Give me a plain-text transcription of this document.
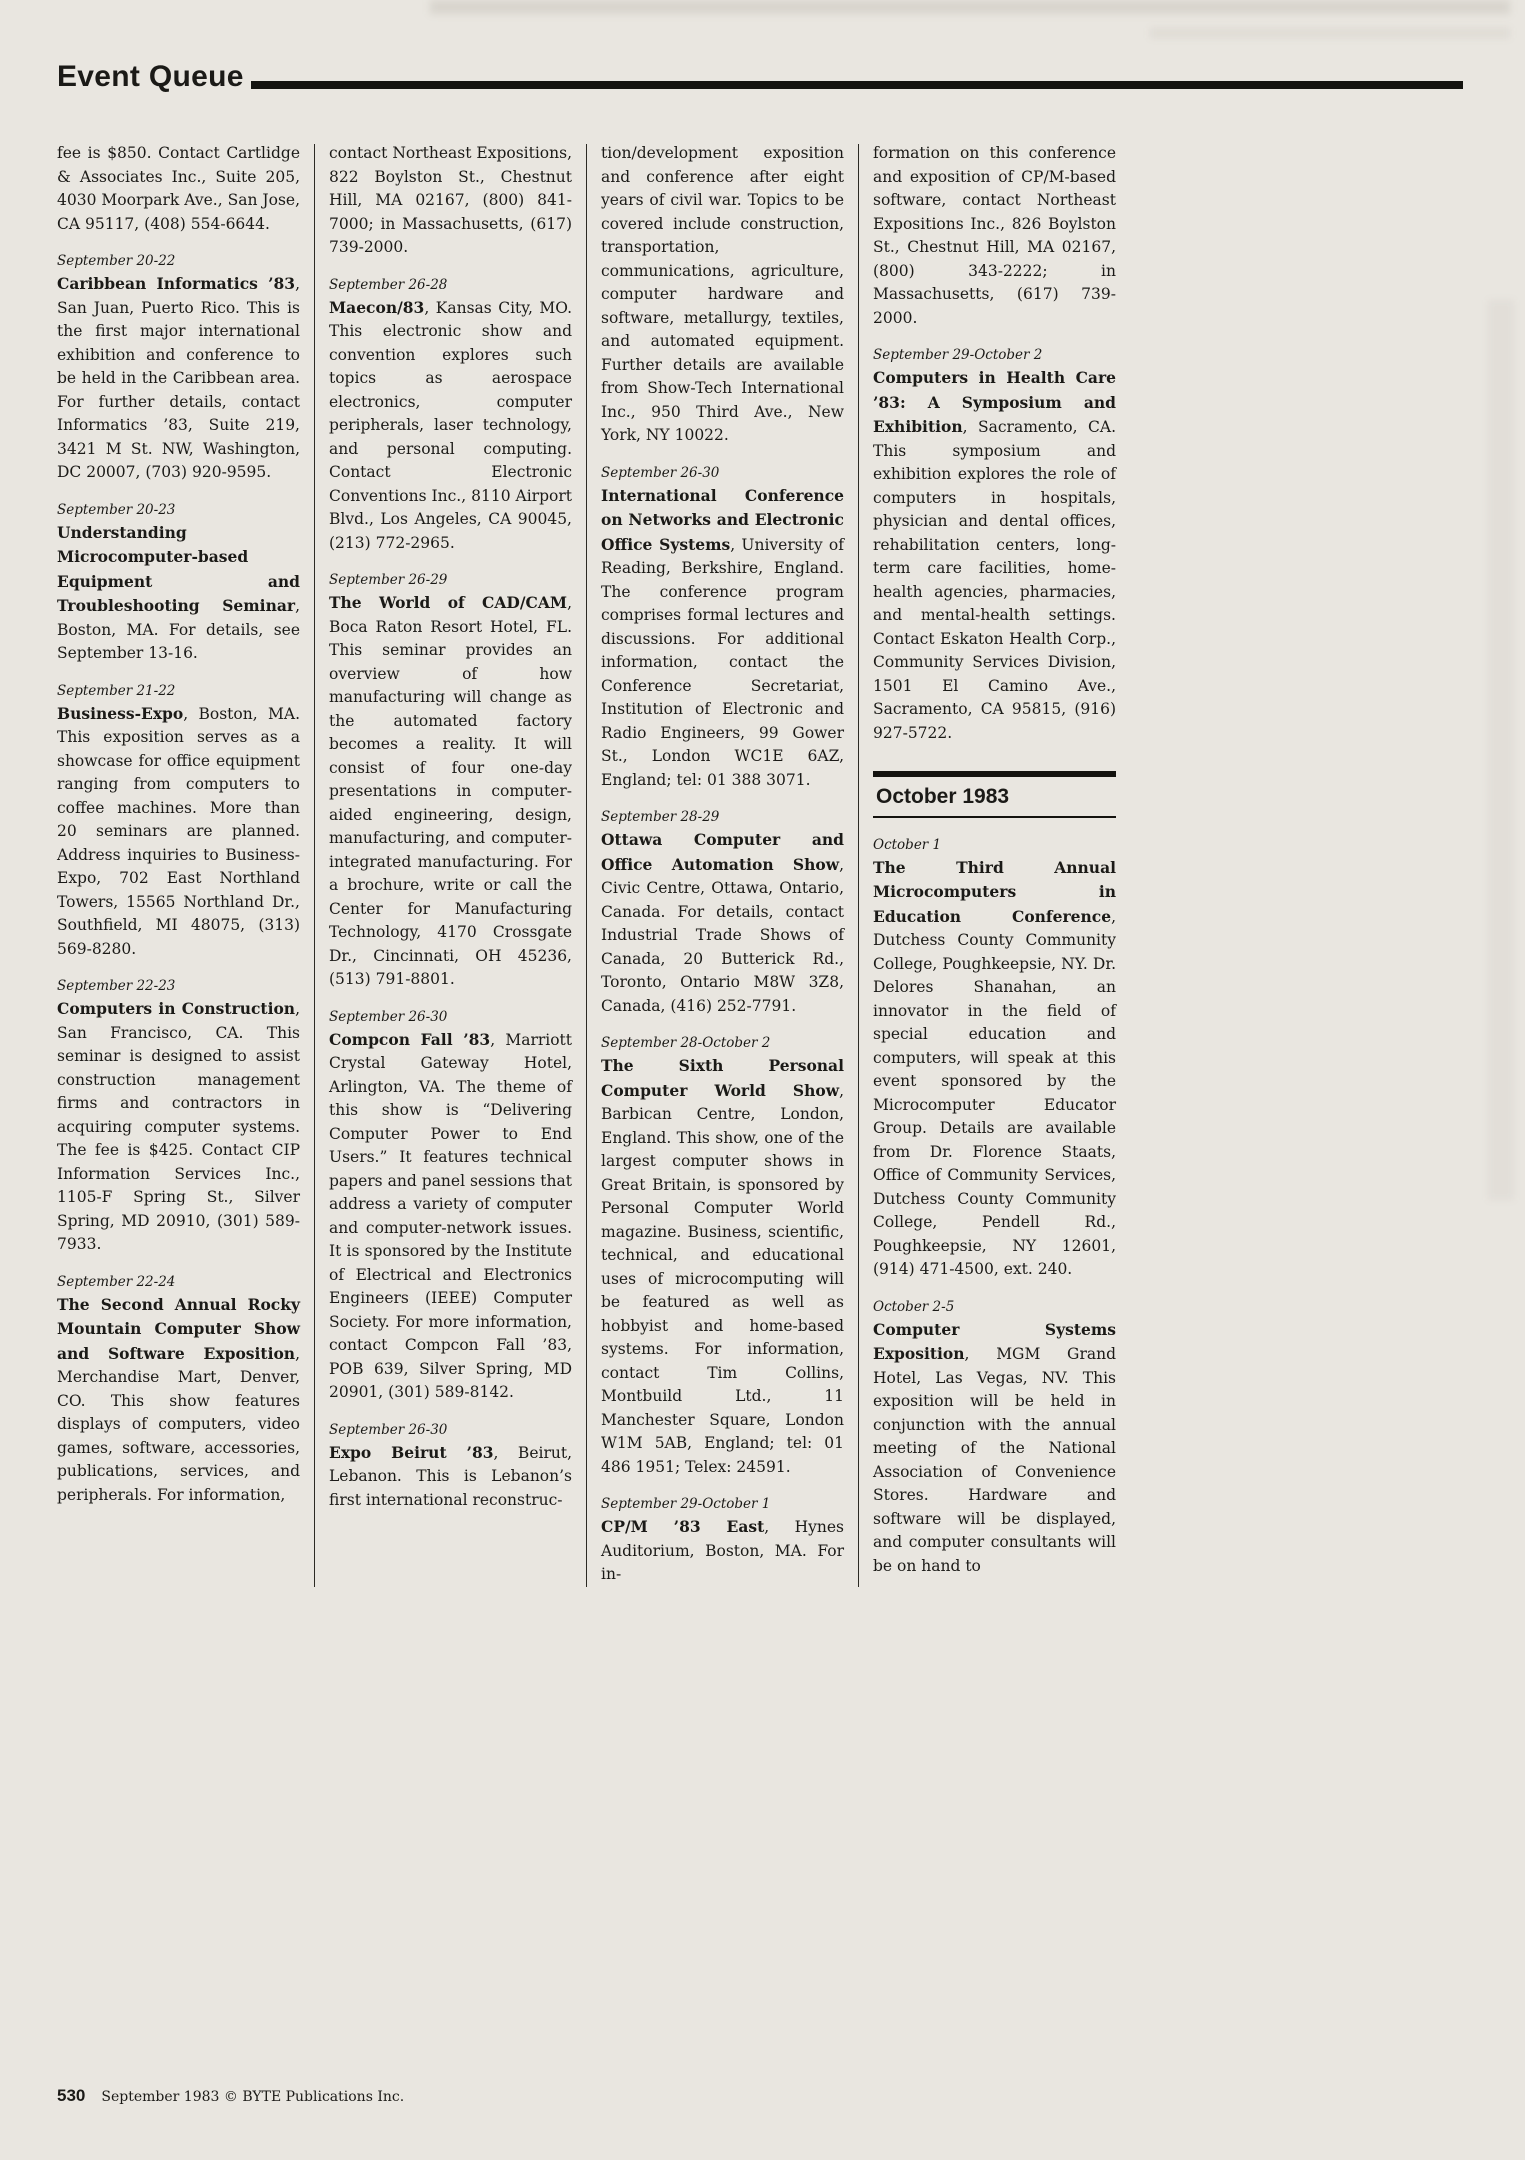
Event Queue

fee is $850. Contact Cartlidge & Associates Inc., Suite 205, 4030 Moorpark Ave., San Jose, CA 95117, (408) 554-6644.

September 20-22

Caribbean Informatics ’83, San Juan, Puerto Rico. This is the first major international exhibition and conference to be held in the Caribbean area. For further details, contact Informatics ’83, Suite 219, 3421 M St. NW, Washington, DC 20007, (703) 920-9595.

September 20-23

Understanding Microcomputer-based Equipment and Troubleshooting Seminar, Boston, MA. For details, see September 13-16.

September 21-22

Business-Expo, Boston, MA. This exposition serves as a showcase for office equipment ranging from computers to coffee machines. More than 20 seminars are planned. Address inquiries to Business-Expo, 702 East Northland Towers, 15565 Northland Dr., Southfield, MI 48075, (313) 569-8280.

September 22-23

Computers in Construction, San Francisco, CA. This seminar is designed to assist construction management firms and contractors in acquiring computer systems. The fee is $425. Contact CIP Information Services Inc., 1105-F Spring St., Silver Spring, MD 20910, (301) 589-7933.

September 22-24

The Second Annual Rocky Mountain Computer Show and Software Exposition, Merchandise Mart, Denver, CO. This show features displays of computers, video games, software, accessories, publications, services, and peripherals. For information,

contact Northeast Expositions, 822 Boylston St., Chestnut Hill, MA 02167, (800) 841-7000; in Massachusetts, (617) 739-2000.

September 26-28

Maecon/83, Kansas City, MO. This electronic show and convention explores such topics as aerospace electronics, computer peripherals, laser technology, and personal computing. Contact Electronic Conventions Inc., 8110 Airport Blvd., Los Angeles, CA 90045, (213) 772-2965.

September 26-29

The World of CAD/CAM, Boca Raton Resort Hotel, FL. This seminar provides an overview of how manufacturing will change as the automated factory becomes a reality. It will consist of four one-day presentations in computer-aided engineering, design, manufacturing, and computer-integrated manufacturing. For a brochure, write or call the Center for Manufacturing Technology, 4170 Crossgate Dr., Cincinnati, OH 45236, (513) 791-8801.

September 26-30

Compcon Fall ’83, Marriott Crystal Gateway Hotel, Arlington, VA. The theme of this show is “Delivering Computer Power to End Users.” It features technical papers and panel sessions that address a variety of computer and computer-network issues. It is sponsored by the Institute of Electrical and Electronics Engineers (IEEE) Computer Society. For more information, contact Compcon Fall ’83, POB 639, Silver Spring, MD 20901, (301) 589-8142.

September 26-30

Expo Beirut ’83, Beirut, Lebanon. This is Lebanon’s first international reconstruc-

tion/development exposition and conference after eight years of civil war. Topics to be covered include construction, transportation, communications, agriculture, computer hardware and software, metallurgy, textiles, and automated equipment. Further details are available from Show-Tech International Inc., 950 Third Ave., New York, NY 10022.

September 26-30

International Conference on Networks and Electronic Office Systems, University of Reading, Berkshire, England. The conference program comprises formal lectures and discussions. For additional information, contact the Conference Secretariat, Institution of Electronic and Radio Engineers, 99 Gower St., London WC1E 6AZ, England; tel: 01 388 3071.

September 28-29

Ottawa Computer and Office Automation Show, Civic Centre, Ottawa, Ontario, Canada. For details, contact Industrial Trade Shows of Canada, 20 Butterick Rd., Toronto, Ontario M8W 3Z8, Canada, (416) 252-7791.

September 28-October 2

The Sixth Personal Computer World Show, Barbican Centre, London, England. This show, one of the largest computer shows in Great Britain, is sponsored by Personal Computer World magazine. Business, scientific, technical, and educational uses of microcomputing will be featured as well as hobbyist and home-based systems. For information, contact Tim Collins, Montbuild Ltd., 11 Manchester Square, London W1M 5AB, England; tel: 01 486 1951; Telex: 24591.

September 29-October 1

CP/M ’83 East, Hynes Auditorium, Boston, MA. For in-

formation on this conference and exposition of CP/M-based software, contact Northeast Expositions Inc., 826 Boylston St., Chestnut Hill, MA 02167, (800) 343-2222; in Massachusetts, (617) 739-2000.

September 29-October 2

Computers in Health Care ’83: A Symposium and Exhibition, Sacramento, CA. This symposium and exhibition explores the role of computers in hospitals, physician and dental offices, rehabilitation centers, long-term care facilities, home-health agencies, pharmacies, and mental-health settings. Contact Eskaton Health Corp., Community Services Division, 1501 El Camino Ave., Sacramento, CA 95815, (916) 927-5722.

October 1983
October 1

The Third Annual Microcomputers in Education Conference, Dutchess County Community College, Poughkeepsie, NY. Dr. Delores Shanahan, an innovator in the field of special education and computers, will speak at this event sponsored by the Microcomputer Educator Group. Details are available from Dr. Florence Staats, Office of Community Services, Dutchess County Community College, Pendell Rd., Poughkeepsie, NY 12601, (914) 471-4500, ext. 240.

October 2-5

Computer Systems Exposition, MGM Grand Hotel, Las Vegas, NV. This exposition will be held in conjunction with the annual meeting of the National Association of Convenience Stores. Hardware and software will be displayed, and computer consultants will be on hand to

530 September 1983 © BYTE Publications Inc.
